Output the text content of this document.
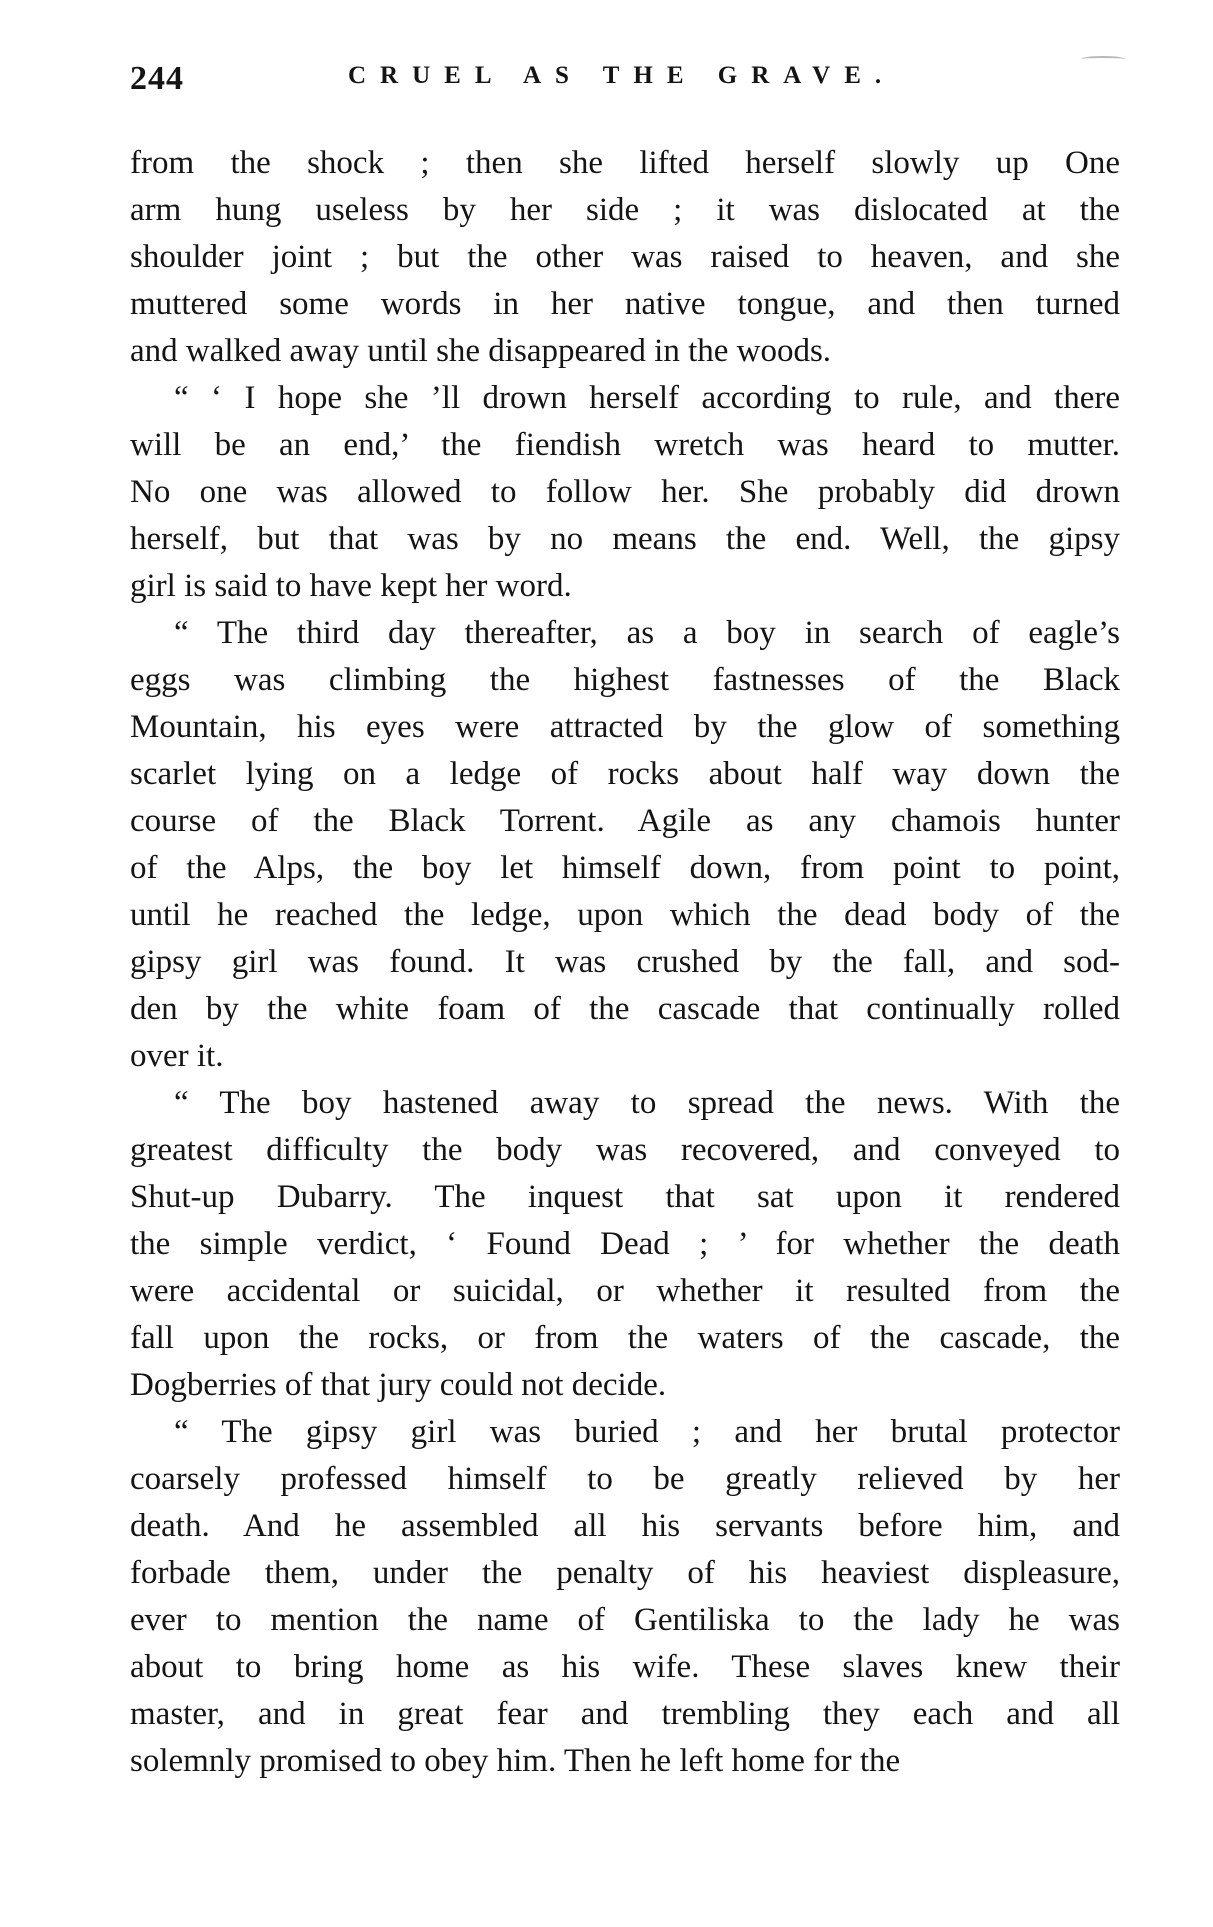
244	CRUEL AS THE GRAVE.
from the shock ; then she lifted herself slowly up One
arm hung useless by her side ; it was dislocated at the
shoulder joint ; but the other was raised to heaven, and she
muttered some words in her native tongue, and then turned
and walked away until she disappeared in the woods.
“ ‘ I hope she ’ll drown herself according to rule, and there
will be an end,’ the fiendish wretch was heard to mutter.
No one was allowed to follow her. She probably did drown
herself, but that was by no means the end. Well, the gipsy
girl is said to have kept her word.
“ The third day thereafter, as a boy in search of eagle’s
eggs was climbing the highest fastnesses of the Black
Mountain, his eyes were attracted by the glow of something
scarlet lying on a ledge of rocks about half way down the
course of the Black Torrent. Agile as any chamois hunter
of the Alps, the boy let himself down, from point to point,
until he reached the ledge, upon which the dead body of the
gipsy girl was found. It was crushed by the fall, and sod-
den by the white foam of the cascade that continually rolled
over it.
“ The boy hastened away to spread the news. With the
greatest difficulty the body was recovered, and conveyed to
Shut-up Dubarry. The inquest that sat upon it rendered
the simple verdict, ‘ Found Dead ; ’ for whether the death
were accidental or suicidal, or whether it resulted from the
fall upon the rocks, or from the waters of the cascade, the
Dogberries of that jury could not decide.
“ The gipsy girl was buried ; and her brutal protector
coarsely professed himself to be greatly relieved by her
death. And he assembled all his servants before him, and
forbade them, under the penalty of his heaviest displeasure,
ever to mention the name of Gentiliska to the lady he was
about to bring home as his wife. These slaves knew their
master, and in great fear and trembling they each and all
solemnly promised to obey him. Then he left home for the
